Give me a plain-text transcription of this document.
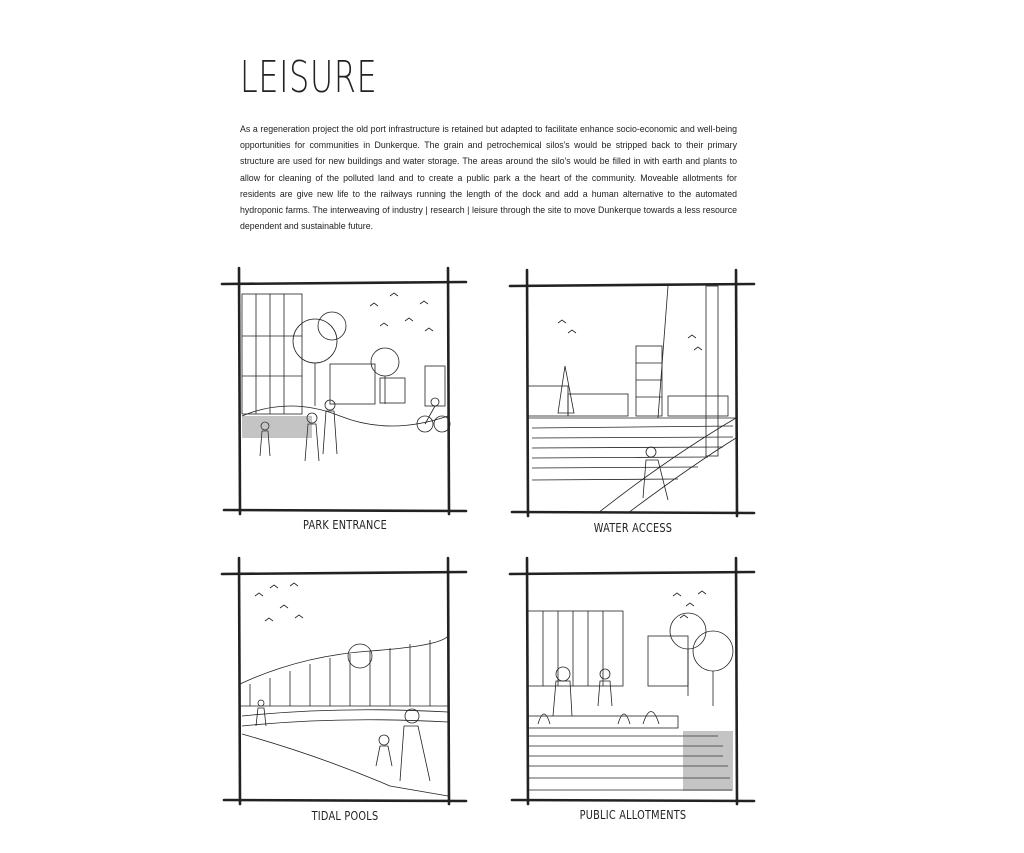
LEISURE

As a regeneration project the old port infrastructure is retained but adapted to facilitate enhance socio-economic and well-being opportunities for communities in Dunkerque. The grain and petrochemical silos's would be stripped back to their primary structure are used for new buildings and water storage. The areas around the silo's would be filled in with earth and plants to allow for cleaning of the polluted land and to create a public park a the heart of the community. Moveable allotments for residents are give new life to the railways running the length of the dock and add a human alternative to the automated hydroponic farms. The interweaving of industry | research | leisure through the site to move Dunkerque towards a less resource dependent and sustainable future.

PARK ENTRANCE	WATER ACCESS
TIDAL POOLS	PUBLIC ALLOTMENTS
